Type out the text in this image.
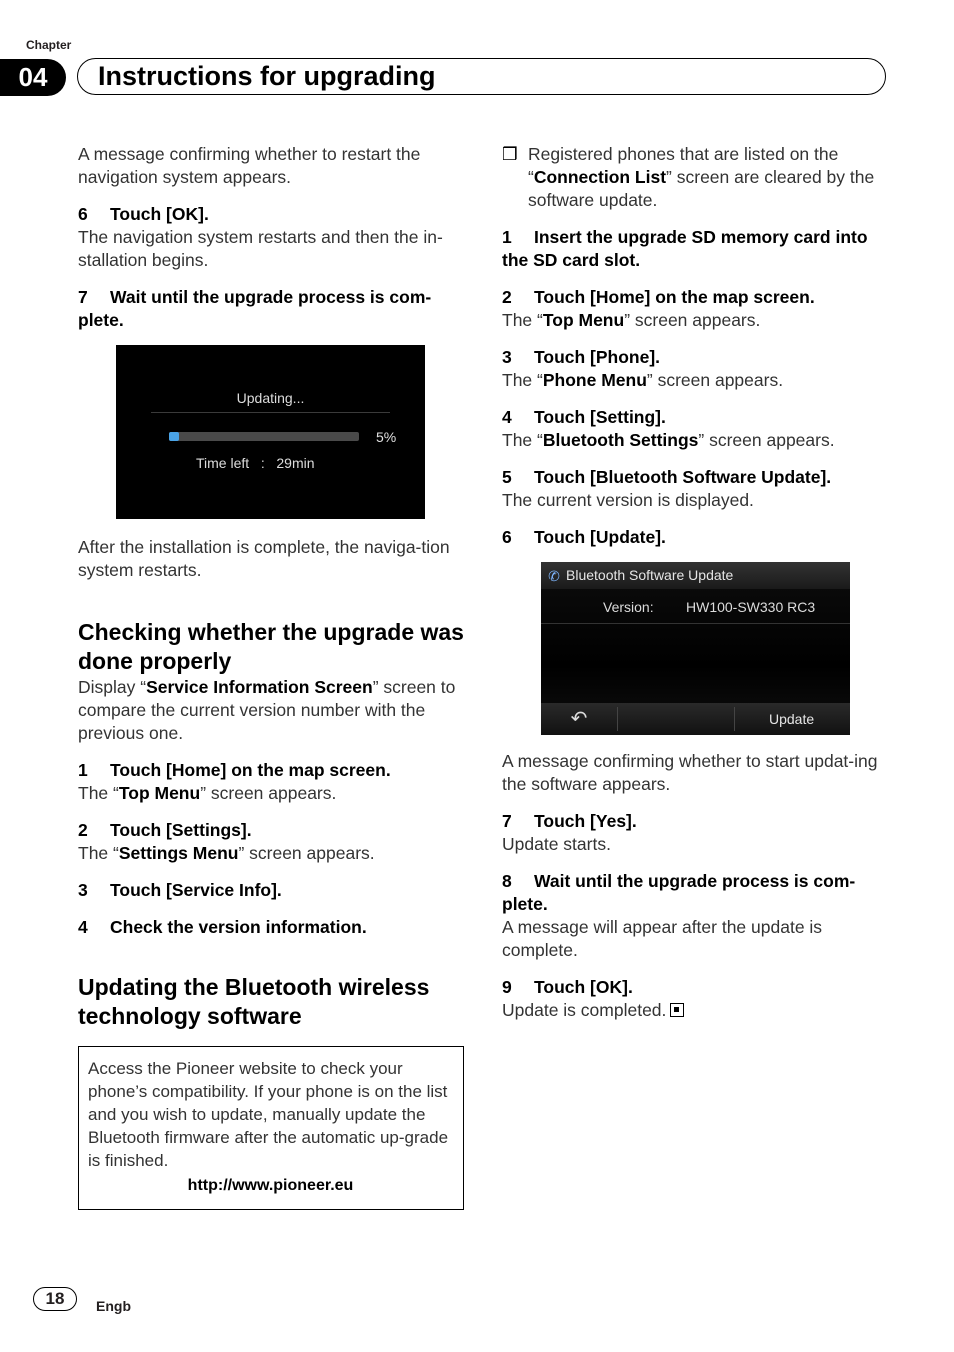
Chapter
04	Instructions for upgrading

A message confirming whether to restart the navigation system appears.

6 Touch [OK].

The navigation system restarts and then the in-stallation begins.

7 Wait until the upgrade process is com-plete.

Updating...
5%
Time left   :   29min

After the installation is complete, the naviga-tion system restarts.

Checking whether the upgrade was done properly

Display “Service Information Screen” screen to compare the current version number with the previous one.

1 Touch [Home] on the map screen.

The “Top Menu” screen appears.

2 Touch [Settings].

The “Settings Menu” screen appears.

3 Touch [Service Info].

4 Check the version information.

Updating the Bluetooth wireless technology software

Access the Pioneer website to check your phone’s compatibility. If your phone is on the list and you wish to update, manually update the Bluetooth firmware after the automatic up-grade is finished.

http://www.pioneer.eu

❒ Registered phones that are listed on the “Connection List” screen are cleared by the software update.

1 Insert the upgrade SD memory card into the SD card slot.

2 Touch [Home] on the map screen.

The “Top Menu” screen appears.

3 Touch [Phone].

The “Phone Menu” screen appears.

4 Touch [Setting].

The “Bluetooth Settings” screen appears.

5 Touch [Bluetooth Software Update].

The current version is displayed.

6 Touch [Update].

✆ Bluetooth Software Update
Version: HW100-SW330 RC3
↶	Update

A message confirming whether to start updat-ing the software appears.

7 Touch [Yes].

Update starts.

8 Wait until the upgrade process is com-plete.

A message will appear after the update is complete.

9 Touch [OK].

Update is completed.

18	Engb
